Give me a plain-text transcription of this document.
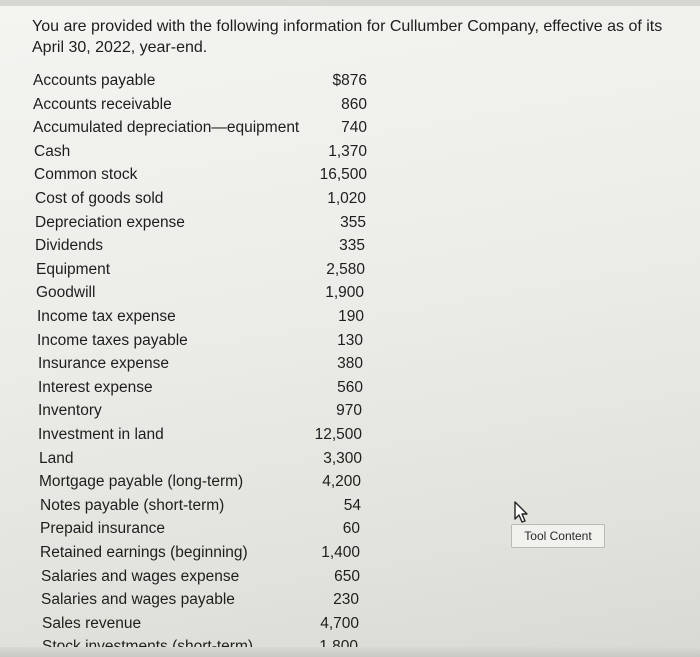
You are provided with the following information for Cullumber Company, effective as of its April 30, 2022, year-end.

Accounts payable	$876
Accounts receivable	860
Accumulated depreciation—equipment	740
Cash	1,370
Common stock	16,500
Cost of goods sold	1,020
Depreciation expense	355
Dividends	335
Equipment	2,580
Goodwill	1,900
Income tax expense	190
Income taxes payable	130
Insurance expense	380
Interest expense	560
Inventory	970
Investment in land	12,500
Land	3,300
Mortgage payable (long-term)	4,200
Notes payable (short-term)	54
Prepaid insurance	60
Retained earnings (beginning)	1,400
Salaries and wages expense	650
Salaries and wages payable	230
Sales revenue	4,700
Tool Content
